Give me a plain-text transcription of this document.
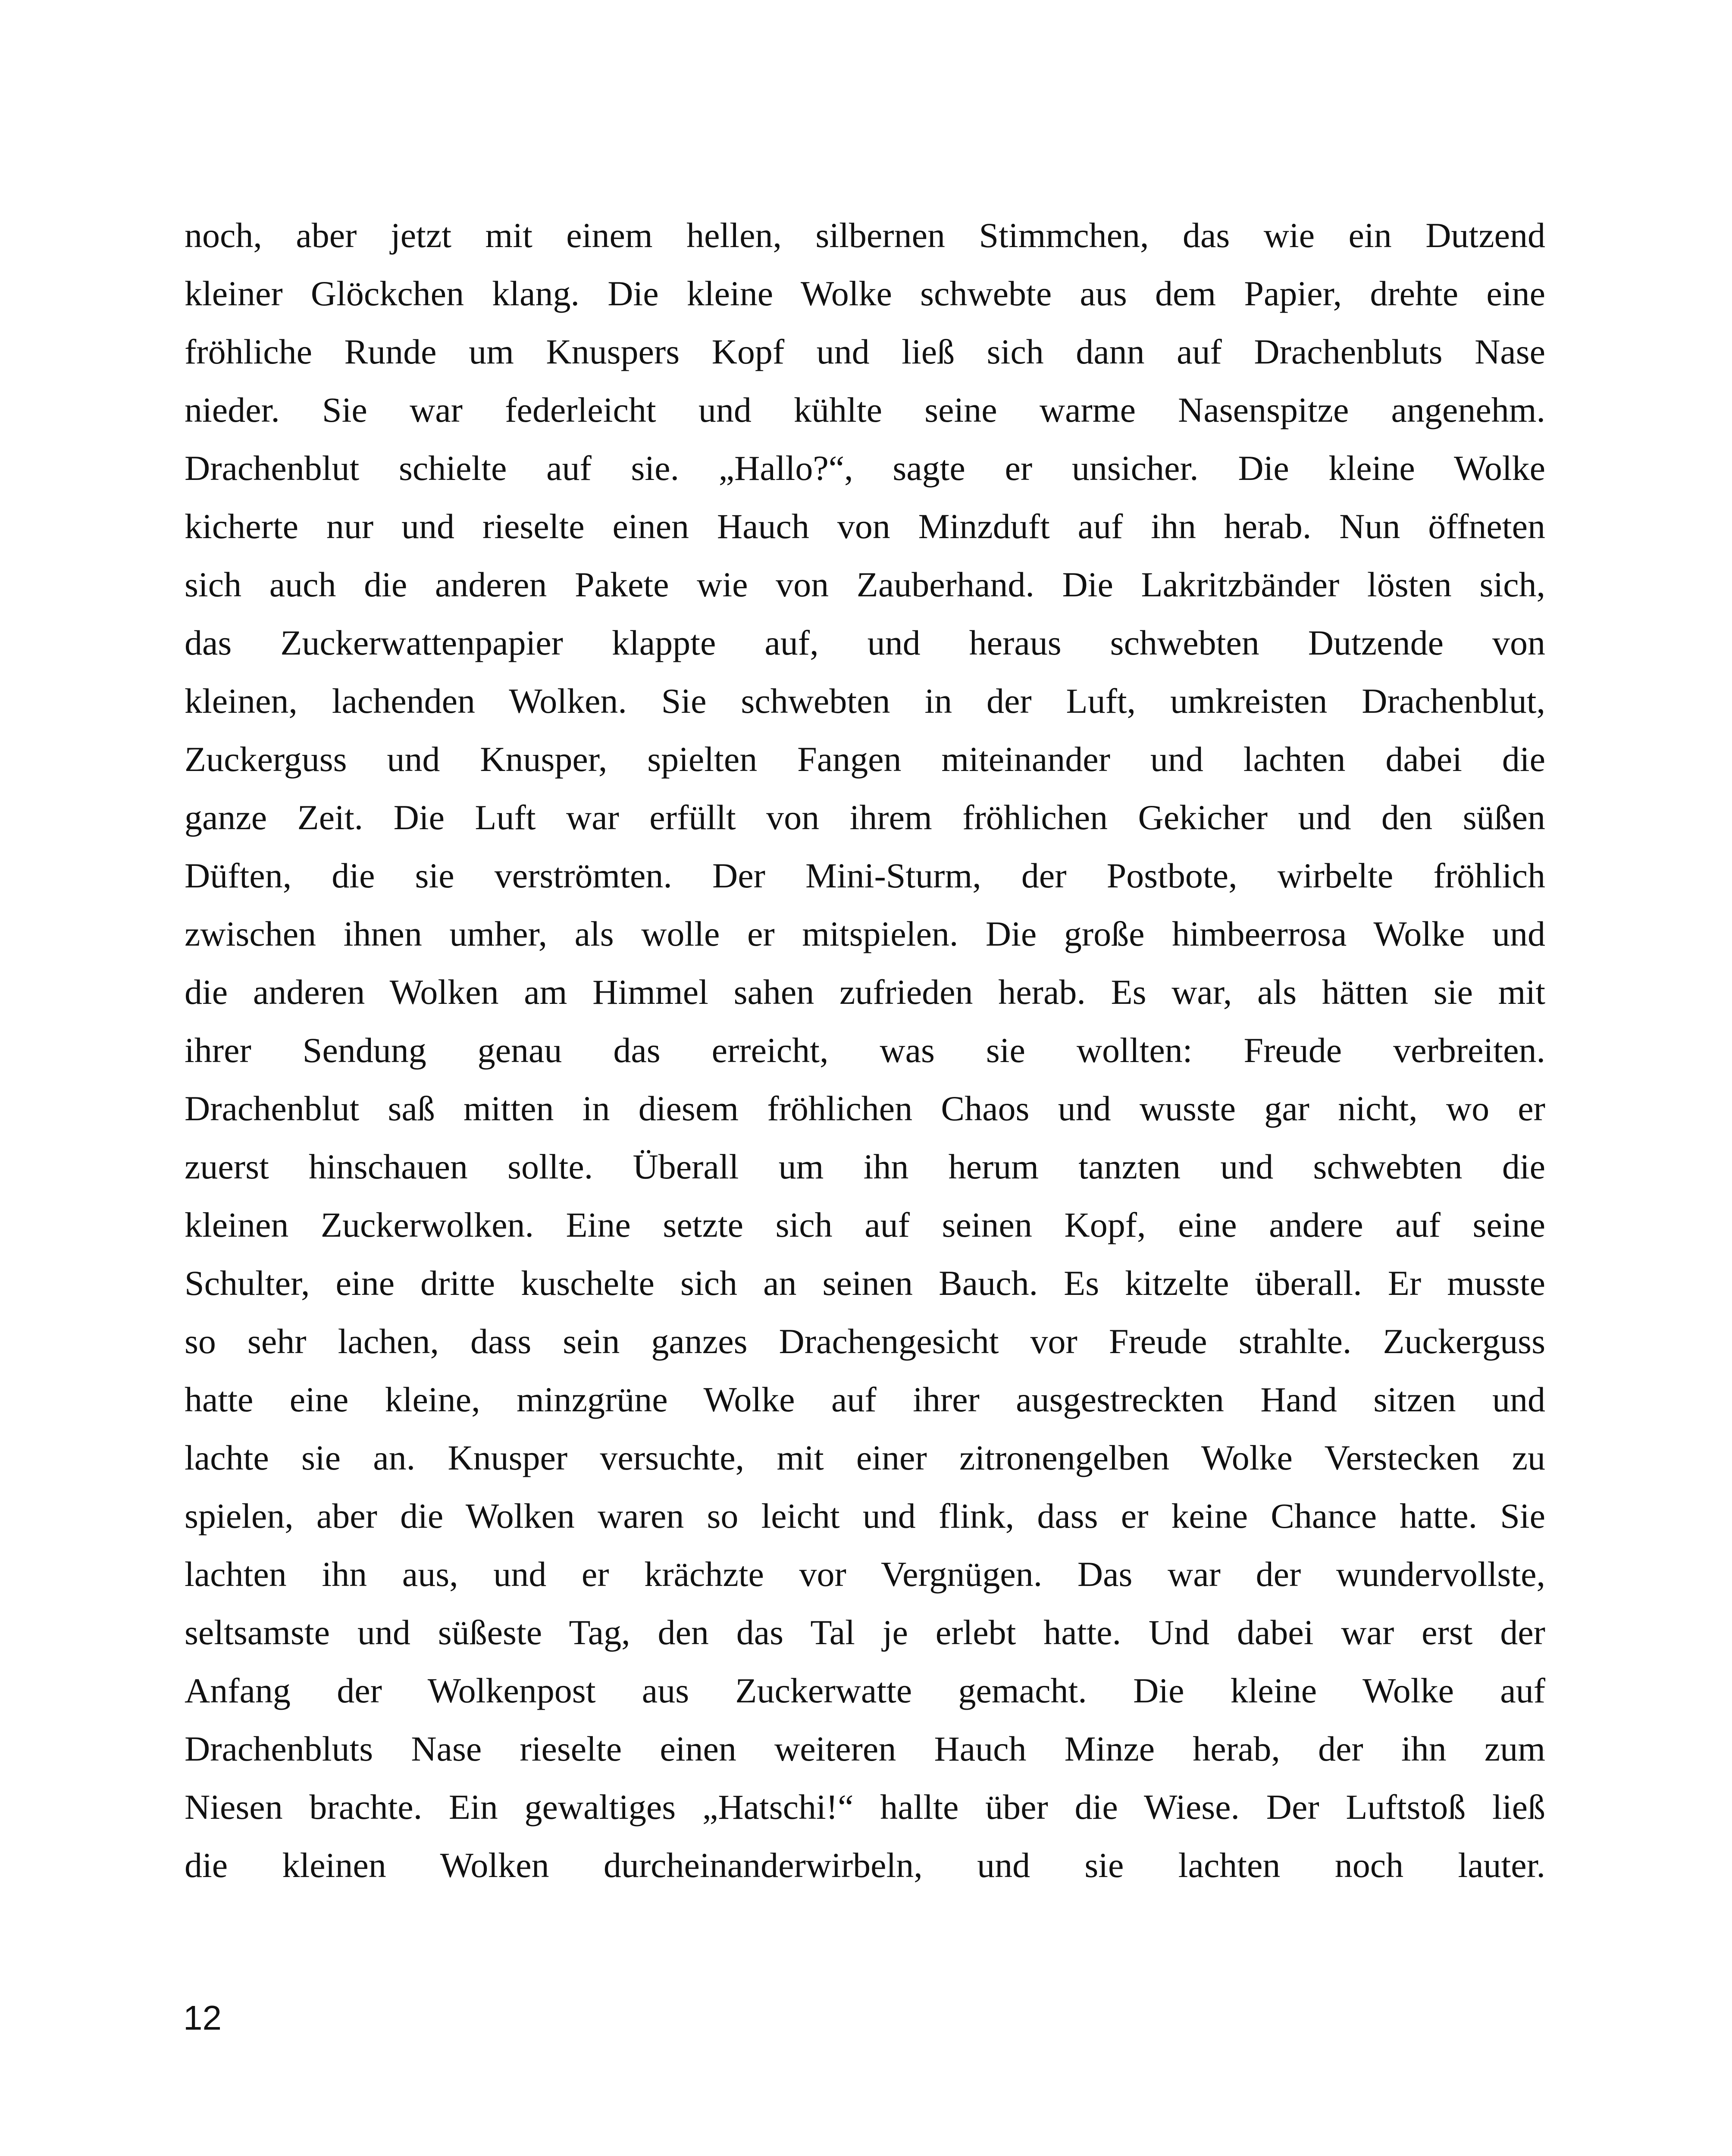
noch, aber jetzt mit einem hellen, silbernen Stimmchen, das wie ein Dutzend
kleiner Glöckchen klang. Die kleine Wolke schwebte aus dem Papier, drehte eine
fröhliche Runde um Knuspers Kopf und ließ sich dann auf Drachenbluts Nase
nieder. Sie war federleicht und kühlte seine warme Nasenspitze angenehm.
Drachenblut schielte auf sie. „Hallo?“, sagte er unsicher. Die kleine Wolke
kicherte nur und rieselte einen Hauch von Minzduft auf ihn herab. Nun öffneten
sich auch die anderen Pakete wie von Zauberhand. Die Lakritzbänder lösten sich,
das Zuckerwattenpapier klappte auf, und heraus schwebten Dutzende von
kleinen, lachenden Wolken. Sie schwebten in der Luft, umkreisten Drachenblut,
Zuckerguss und Knusper, spielten Fangen miteinander und lachten dabei die
ganze Zeit. Die Luft war erfüllt von ihrem fröhlichen Gekicher und den süßen
Düften, die sie verströmten. Der Mini-Sturm, der Postbote, wirbelte fröhlich
zwischen ihnen umher, als wolle er mitspielen. Die große himbeerrosa Wolke und
die anderen Wolken am Himmel sahen zufrieden herab. Es war, als hätten sie mit
ihrer Sendung genau das erreicht, was sie wollten: Freude verbreiten.
Drachenblut saß mitten in diesem fröhlichen Chaos und wusste gar nicht, wo er
zuerst hinschauen sollte. Überall um ihn herum tanzten und schwebten die
kleinen Zuckerwolken. Eine setzte sich auf seinen Kopf, eine andere auf seine
Schulter, eine dritte kuschelte sich an seinen Bauch. Es kitzelte überall. Er musste
so sehr lachen, dass sein ganzes Drachengesicht vor Freude strahlte. Zuckerguss
hatte eine kleine, minzgrüne Wolke auf ihrer ausgestreckten Hand sitzen und
lachte sie an. Knusper versuchte, mit einer zitronengelben Wolke Verstecken zu
spielen, aber die Wolken waren so leicht und flink, dass er keine Chance hatte. Sie
lachten ihn aus, und er krächzte vor Vergnügen. Das war der wundervollste,
seltsamste und süßeste Tag, den das Tal je erlebt hatte. Und dabei war erst der
Anfang der Wolkenpost aus Zuckerwatte gemacht. Die kleine Wolke auf
Drachenbluts Nase rieselte einen weiteren Hauch Minze herab, der ihn zum
Niesen brachte. Ein gewaltiges „Hatschi!“ hallte über die Wiese. Der Luftstoß ließ
die kleinen Wolken durcheinanderwirbeln, und sie lachten noch lauter.
12
